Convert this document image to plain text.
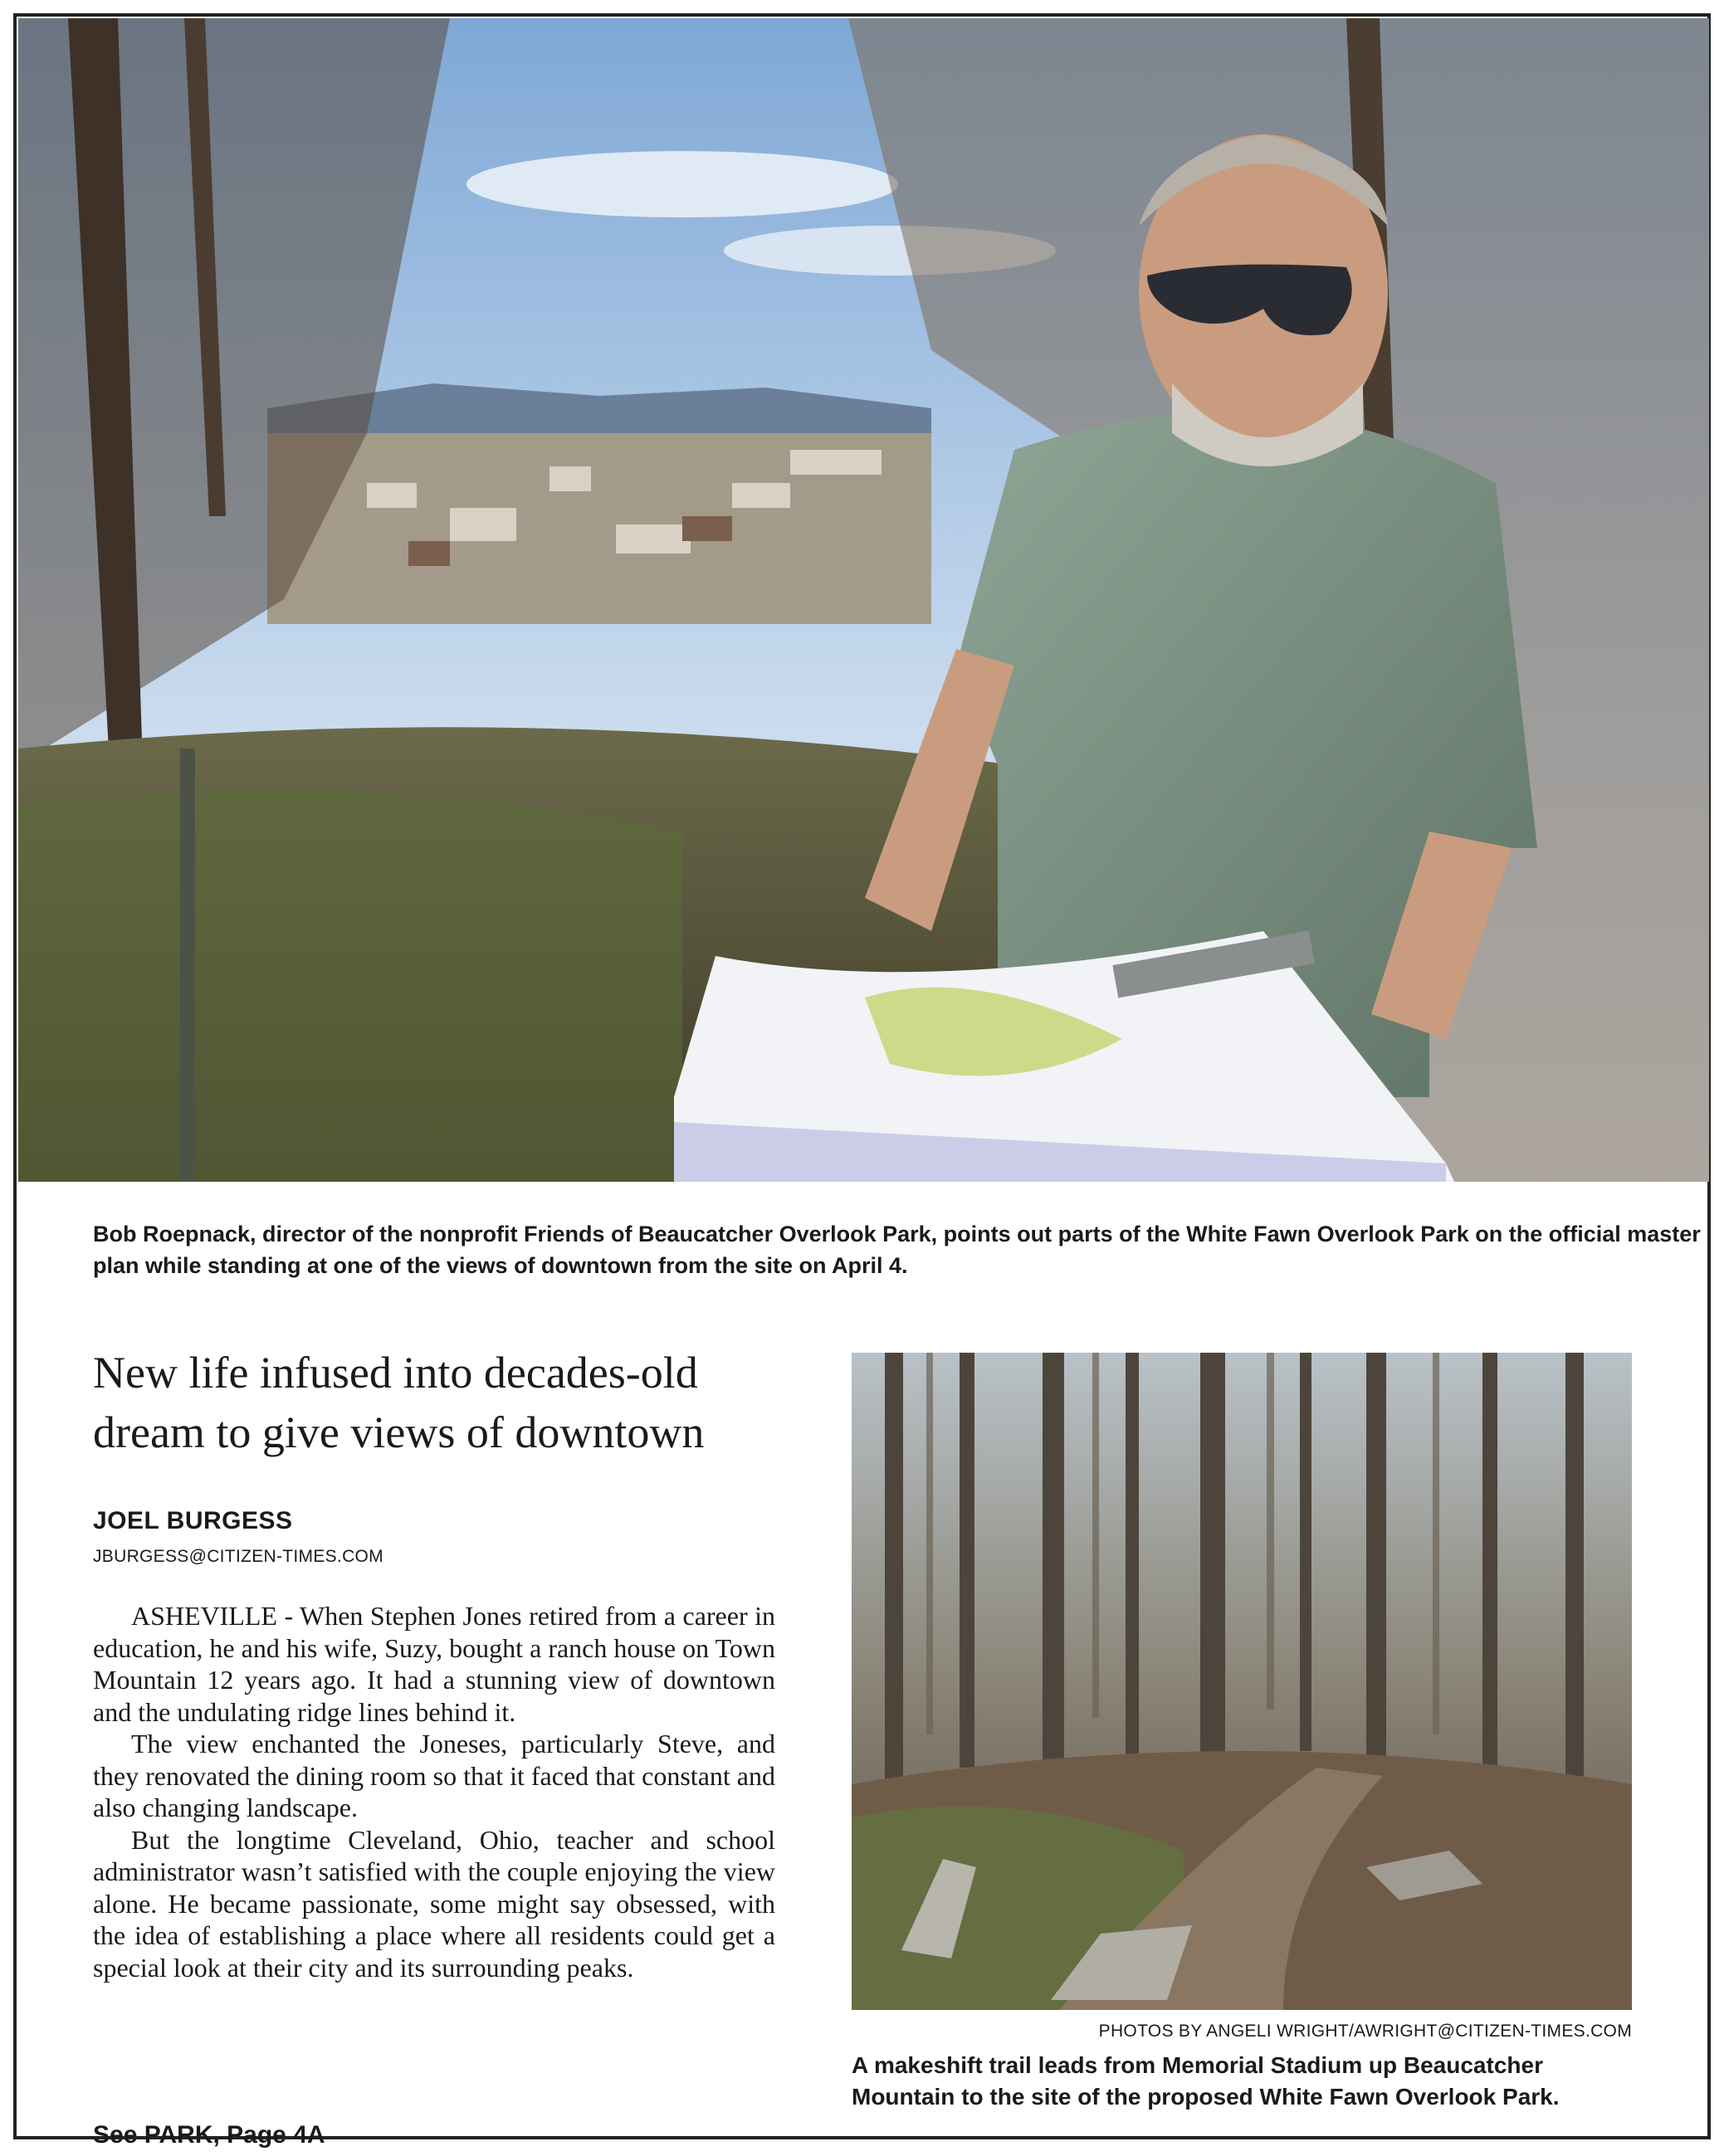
Bob Roepnack, director of the nonprofit Friends of Beaucatcher Overlook Park, points out parts of the White Fawn Overlook Park on the official master plan while standing at one of the views of downtown from the site on April 4.
New life infused into decades-old
dream to give views of downtown
JOEL BURGESS
JBURGESS@CITIZEN-TIMES.COM

ASHEVILLE - When Stephen Jones retired from a career in education, he and his wife, Suzy, bought a ranch house on Town Mountain 12 years ago. It had a stunning view of downtown and the undulating ridge lines behind it.

The view enchanted the Joneses, particularly Steve, and they renovated the dining room so that it faced that constant and also changing landscape.

But the longtime Cleveland, Ohio, teacher and school administrator wasn’t satisfied with the couple enjoying the view alone. He became passionate, some might say obsessed, with the idea of establishing a place where all residents could get a special look at their city and its surrounding peaks.

See PARK, Page 4A
PHOTOS BY ANGELI WRIGHT/AWRIGHT@CITIZEN-TIMES.COM
A makeshift trail leads from Memorial Stadium up Beaucatcher Mountain to the site of the proposed White Fawn Overlook Park.
